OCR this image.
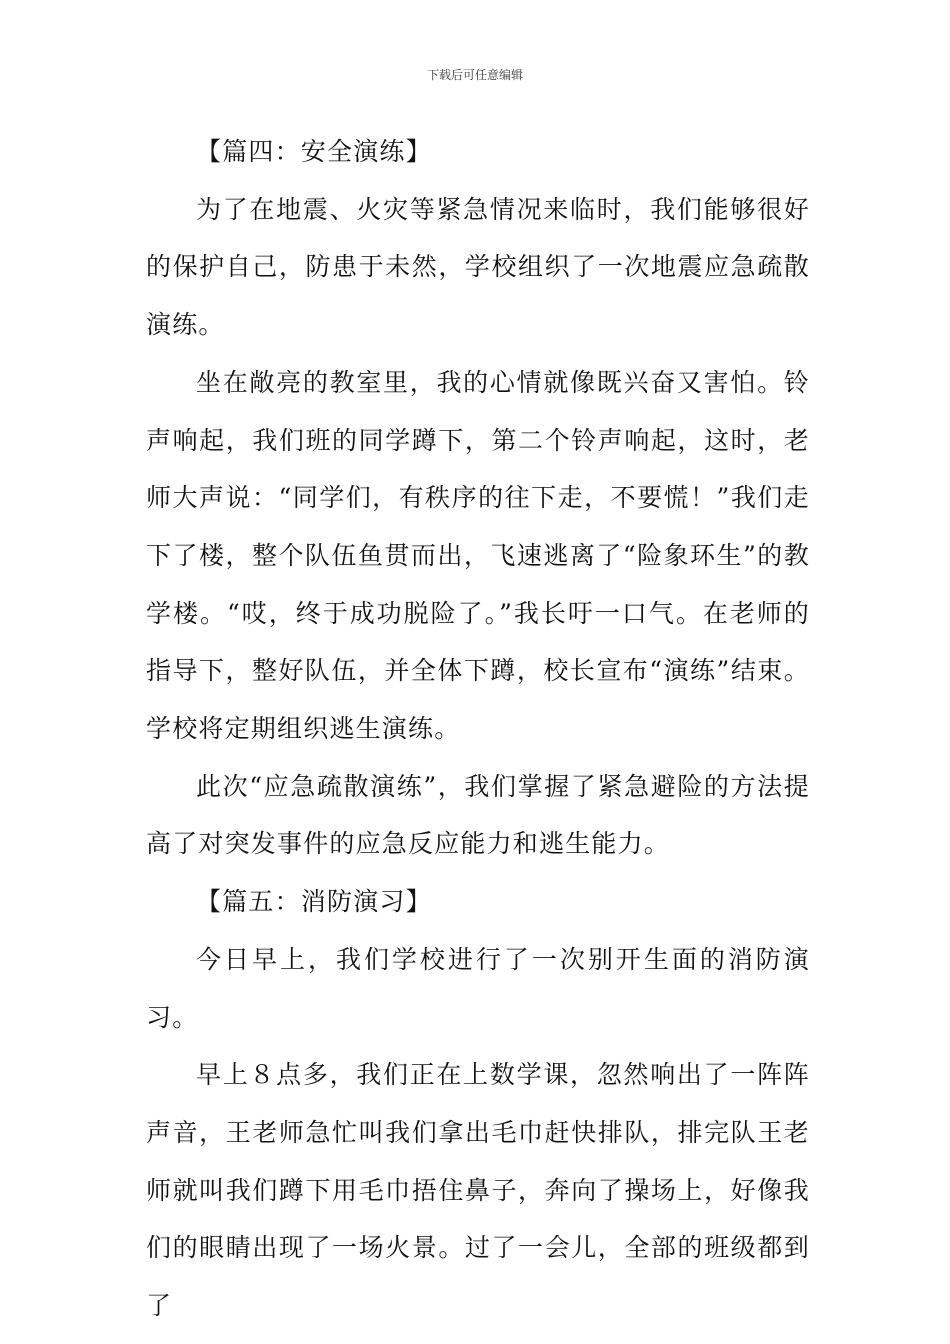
下载后可任意编辑

【篇四：安全演练】

为了在地震、火灾等紧急情况来临时，我们能够很好的保护自己，防患于未然，学校组织了一次地震应急疏散演练。

坐在敞亮的教室里，我的心情就像既兴奋又害怕。铃声响起，我们班的同学蹲下，第二个铃声响起，这时，老师大声说：“同学们，有秩序的往下走，不要慌！”我们走下了楼，整个队伍鱼贯而出，飞速逃离了“险象环生”的教学楼。“哎，终于成功脱险了。”我长吁一口气。在老师的指导下，整好队伍，并全体下蹲，校长宣布“演练”结束。学校将定期组织逃生演练。

此次“应急疏散演练”，我们掌握了紧急避险的方法提高了对突发事件的应急反应能力和逃生能力。

【篇五：消防演习】

今日早上，我们学校进行了一次别开生面的消防演习。

早上８点多，我们正在上数学课，忽然响出了一阵阵声音，王老师急忙叫我们拿出毛巾赶快排队，排完队王老师就叫我们蹲下用毛巾捂住鼻子，奔向了操场上，好像我们的眼睛出现了一场火景。过了一会儿，全部的班级都到了
